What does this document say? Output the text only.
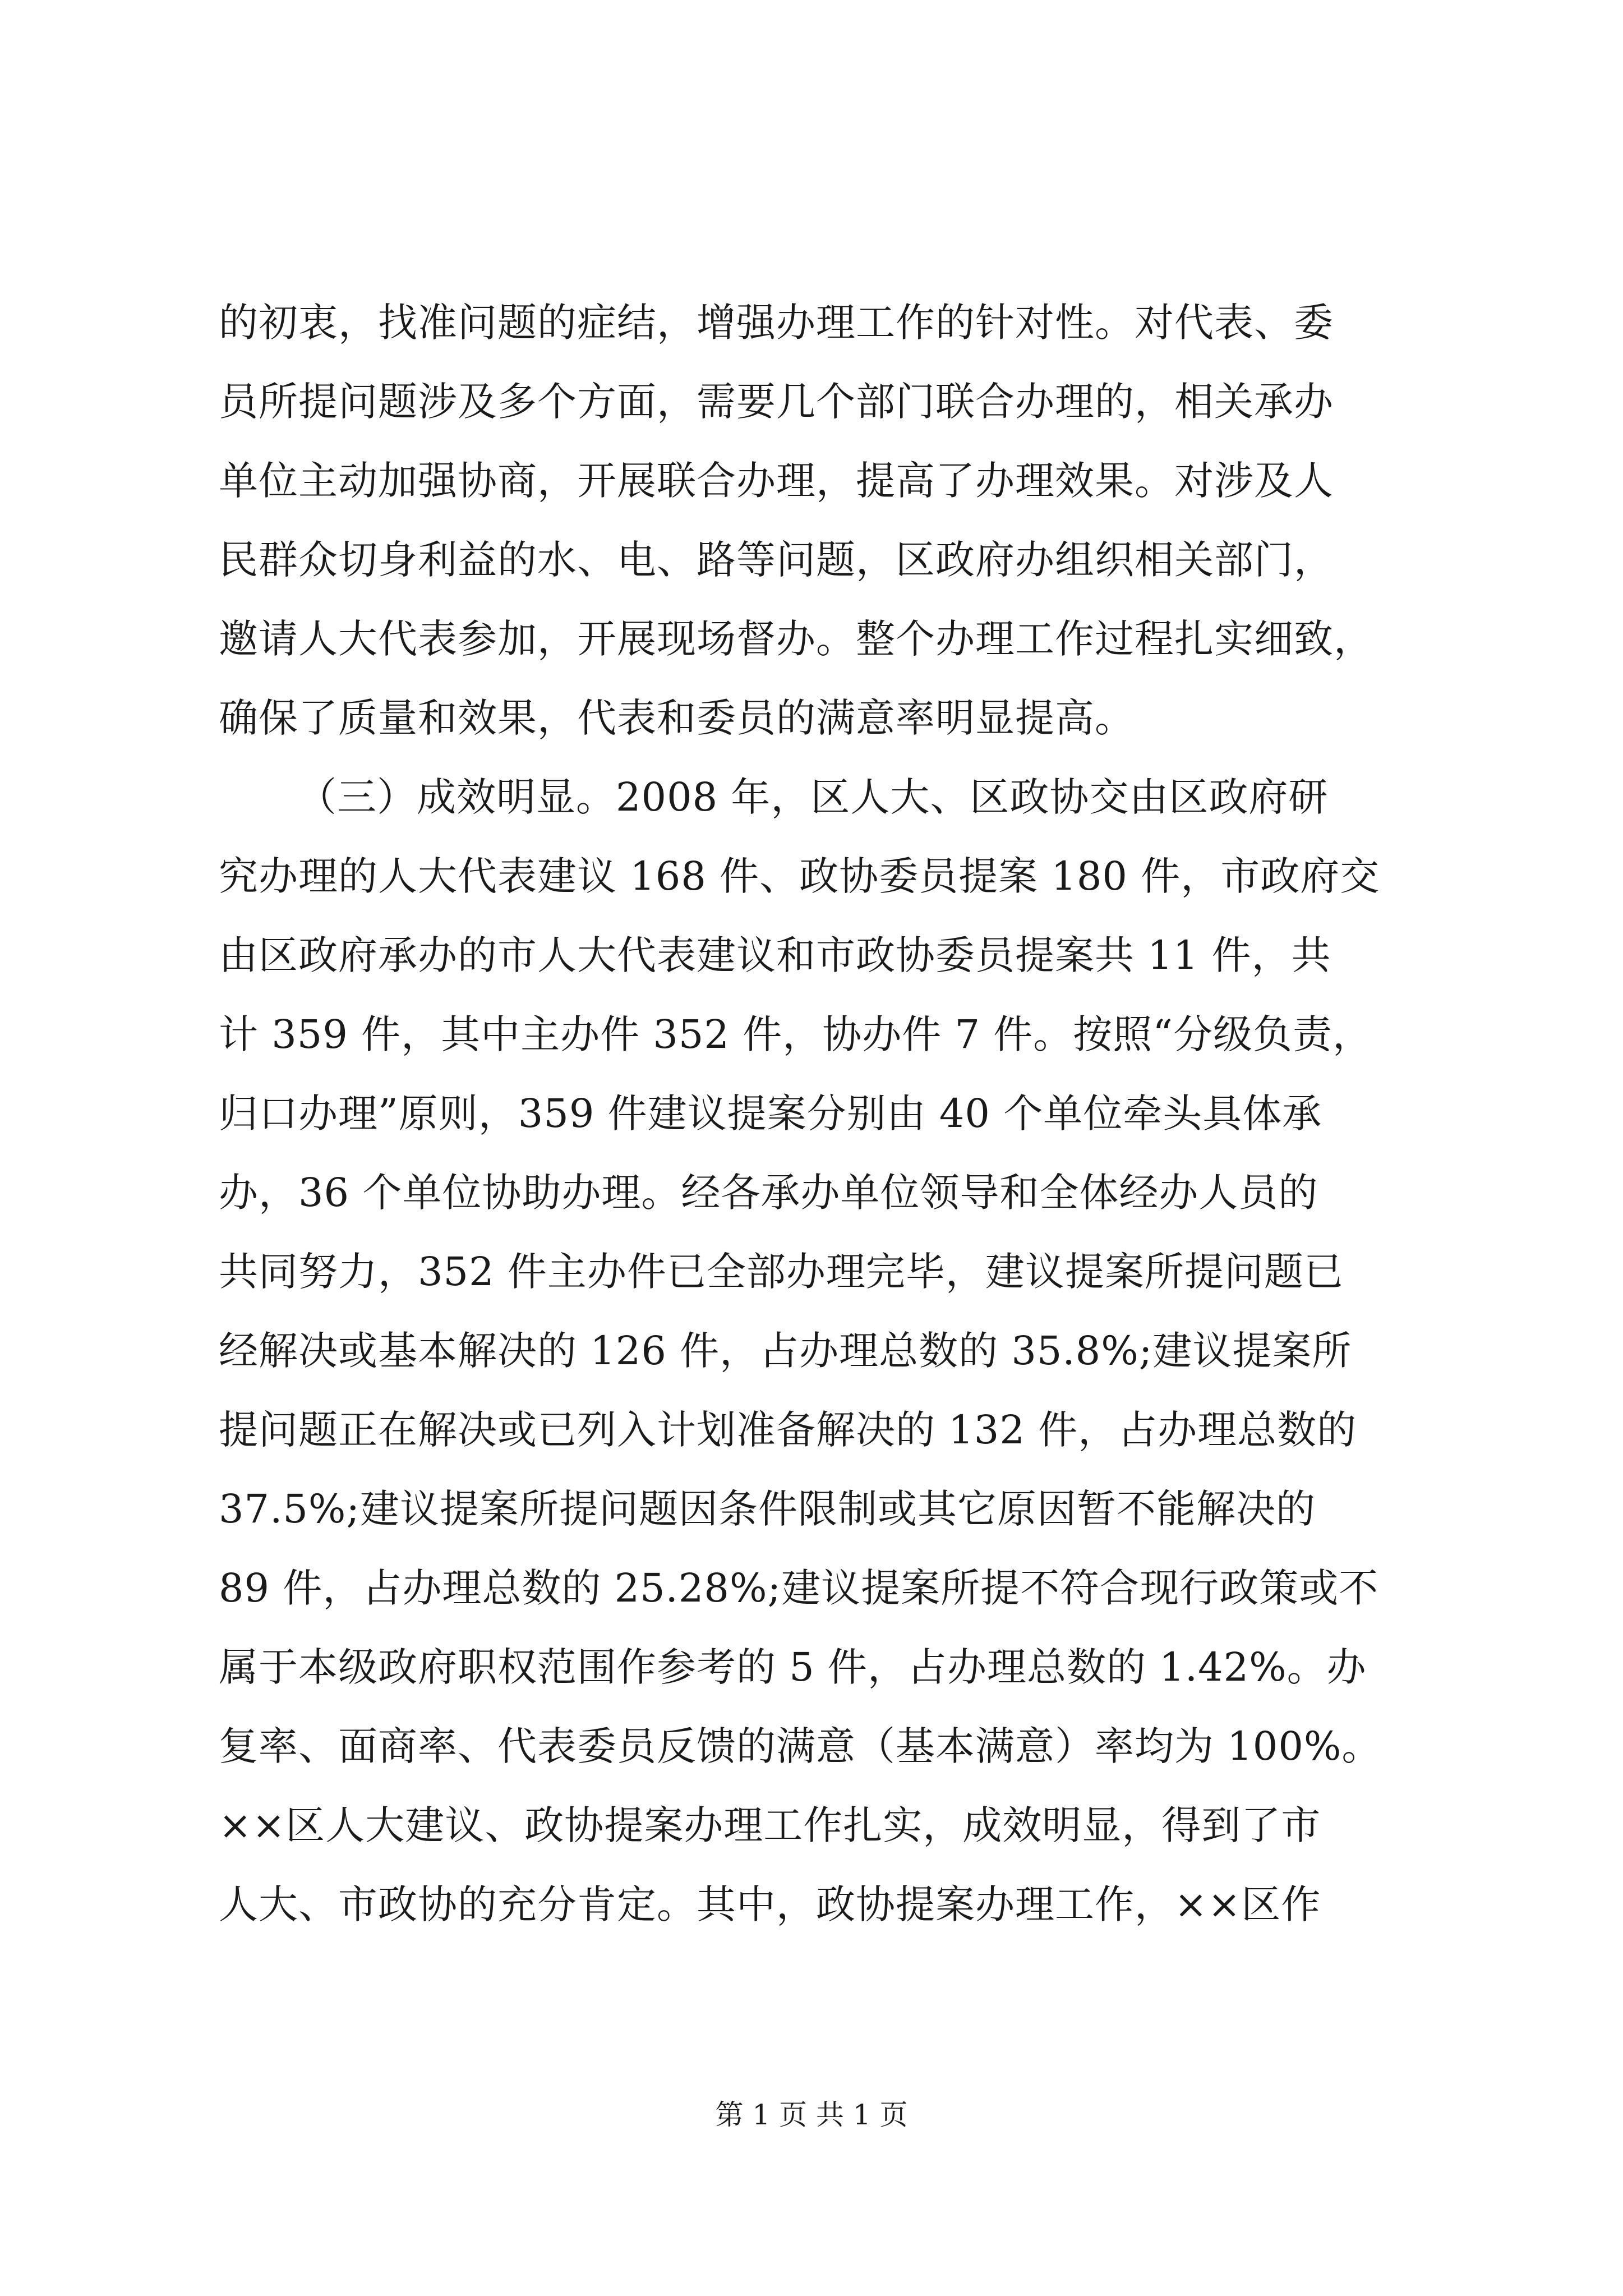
的初衷，找准问题的症结，增强办理工作的针对性。对代表、委
员所提问题涉及多个方面，需要几个部门联合办理的，相关承办
单位主动加强协商，开展联合办理，提高了办理效果。对涉及人
民群众切身利益的水、电、路等问题，区政府办组织相关部门，
邀请人大代表参加，开展现场督办。整个办理工作过程扎实细致，
确保了质量和效果，代表和委员的满意率明显提高。
（三）成效明显。2008 年，区人大、区政协交由区政府研
究办理的人大代表建议 168 件、政协委员提案 180 件，市政府交
由区政府承办的市人大代表建议和市政协委员提案共 11 件，共
计 359 件，其中主办件 352 件，协办件 7 件。按照“分级负责，
归口办理”原则，359 件建议提案分别由 40 个单位牵头具体承
办，36 个单位协助办理。经各承办单位领导和全体经办人员的
共同努力，352 件主办件已全部办理完毕，建议提案所提问题已
经解决或基本解决的 126 件，占办理总数的 35.8%;建议提案所
提问题正在解决或已列入计划准备解决的 132 件，占办理总数的
37.5%;建议提案所提问题因条件限制或其它原因暂不能解决的
89 件，占办理总数的 25.28%;建议提案所提不符合现行政策或不
属于本级政府职权范围作参考的 5 件，占办理总数的 1.42%。办
复率、面商率、代表委员反馈的满意（基本满意）率均为 100%。
××区人大建议、政协提案办理工作扎实，成效明显，得到了市
人大、市政协的充分肯定。其中，政协提案办理工作，××区作
第 1 页 共 1 页
